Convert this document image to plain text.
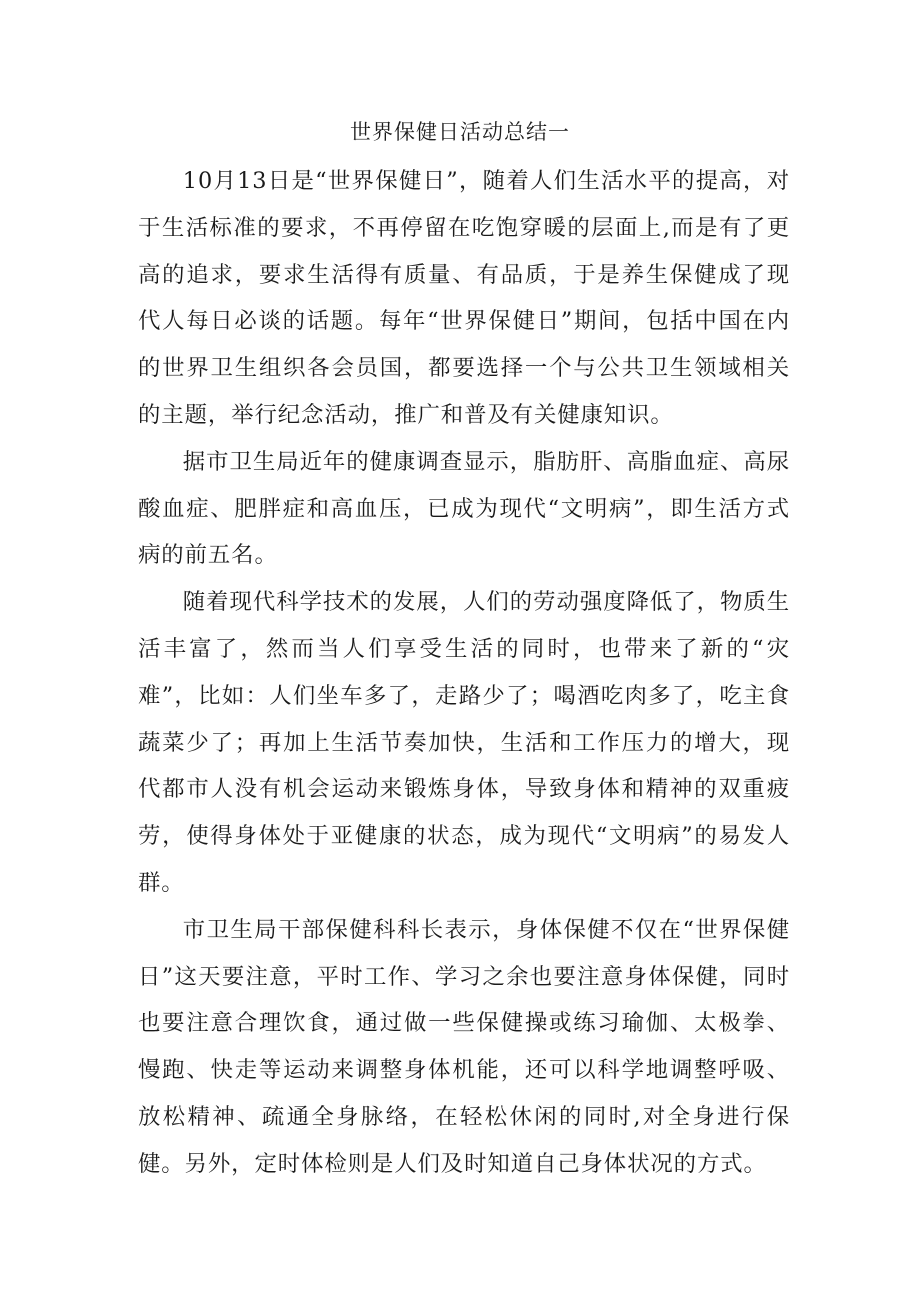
世界保健日活动总结一

10月13日是“世界保健日”，随着人们生活水平的提高，对于生活标准的要求，不再停留在吃饱穿暖的层面上,而是有了更高的追求，要求生活得有质量、有品质，于是养生保健成了现代人每日必谈的话题。每年“世界保健日”期间，包括中国在内的世界卫生组织各会员国，都要选择一个与公共卫生领域相关的主题，举行纪念活动，推广和普及有关健康知识。

据市卫生局近年的健康调查显示，脂肪肝、高脂血症、高尿酸血症、肥胖症和高血压，已成为现代“文明病”，即生活方式病的前五名。

随着现代科学技术的发展，人们的劳动强度降低了，物质生活丰富了，然而当人们享受生活的同时，也带来了新的“灾难”，比如：人们坐车多了，走路少了；喝酒吃肉多了，吃主食蔬菜少了；再加上生活节奏加快，生活和工作压力的增大，现代都市人没有机会运动来锻炼身体，导致身体和精神的双重疲劳，使得身体处于亚健康的状态，成为现代“文明病”的易发人群。

市卫生局干部保健科科长表示，身体保健不仅在“世界保健日”这天要注意，平时工作、学习之余也要注意身体保健，同时也要注意合理饮食，通过做一些保健操或练习瑜伽、太极拳、慢跑、快走等运动来调整身体机能，还可以科学地调整呼吸、放松精神、疏通全身脉络，在轻松休闲的同时,对全身进行保健。另外，定时体检则是人们及时知道自己身体状况的方式。
